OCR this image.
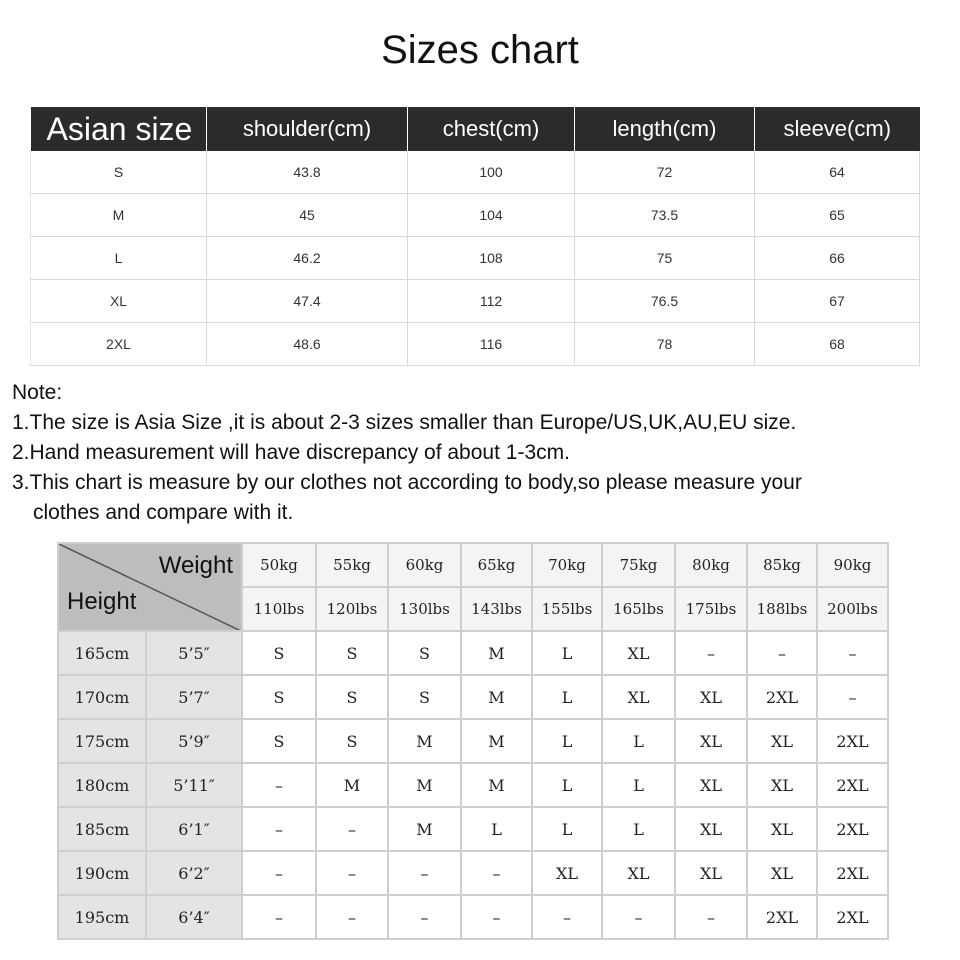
Sizes chart
Asian size	shoulder(cm)	chest(cm)	length(cm)	sleeve(cm)
S	43.8	100	72	64
M	45	104	73.5	65
L	46.2	108	75	66
XL	47.4	112	76.5	67
2XL	48.6	116	78	68
Note:
1.The size is Asia Size ,it is about 2-3 sizes smaller than Europe/US,UK,AU,EU size.
2.Hand measurement will have discrepancy of about 1-3cm.
3.This chart is measure by our clothes not according to body,so please measure your
clothes and compare with it.
Weight
Height		50kg	55kg	60kg	65kg	70kg	75kg	80kg	85kg	90kg
		110lbs	120lbs	130lbs	143lbs	155lbs	165lbs	175lbs	188lbs	200lbs
165cm	5’5″	S	S	S	M	L	XL	–	–	–
170cm	5’7″	S	S	S	M	L	XL	XL	2XL	–
175cm	5’9″	S	S	M	M	L	L	XL	XL	2XL
180cm	5’11″	–	M	M	M	L	L	XL	XL	2XL
185cm	6’1″	–	–	M	L	L	L	XL	XL	2XL
190cm	6’2″	–	–	–	–	XL	XL	XL	XL	2XL
195cm	6’4″	–	–	–	–	–	–	–	2XL	2XL
